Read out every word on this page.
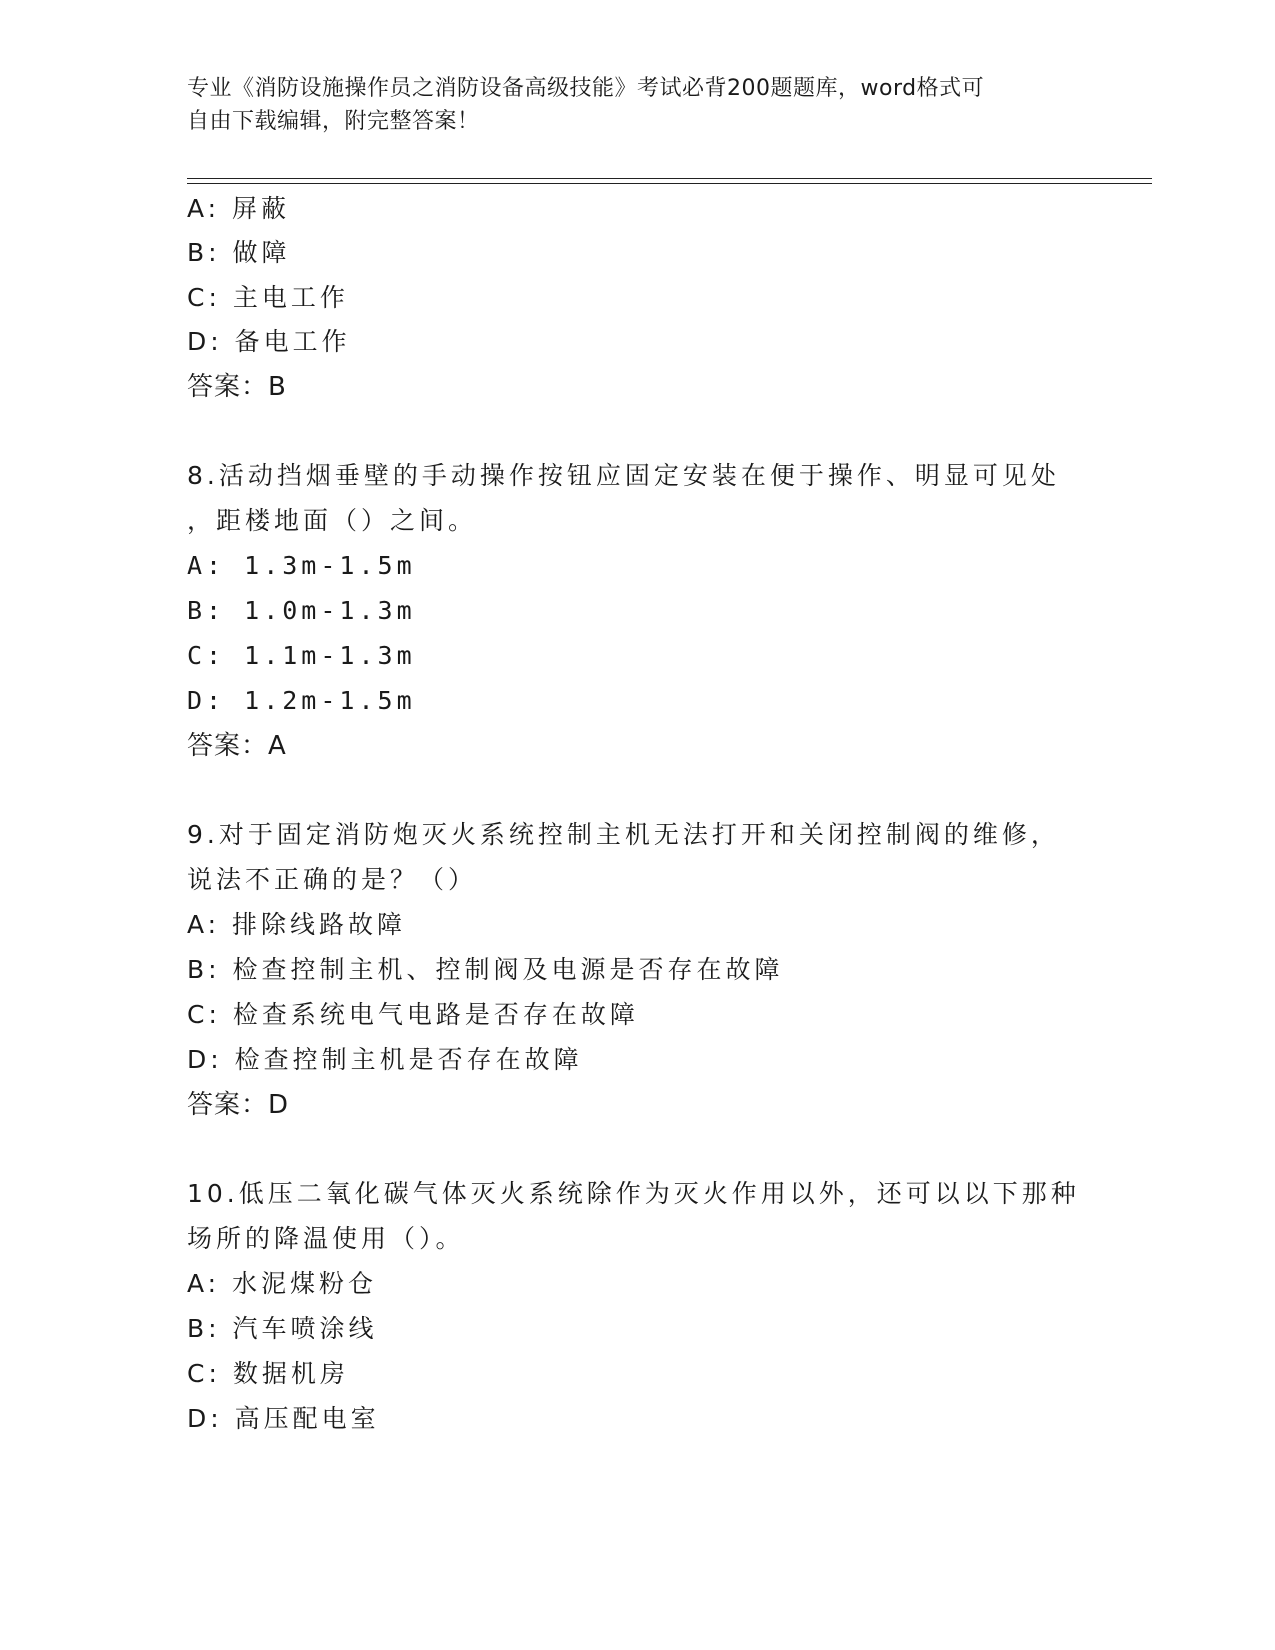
专业《消防设施操作员之消防设备高级技能》考试必背200题题库，word格式可
自由下载编辑，附完整答案！
A: 屏蔽
B: 做障
C: 主电工作
D: 备电工作
答案：B
8.活动挡烟垂壁的手动操作按钮应固定安装在便于操作、明显可见处
，距楼地面（）之间。
A: 1.3m-1.5m
B: 1.0m-1.3m
C: 1.1m-1.3m
D: 1.2m-1.5m
答案：A
9.对于固定消防炮灭火系统控制主机无法打开和关闭控制阀的维修，
说法不正确的是？（）
A: 排除线路故障
B: 检查控制主机、控制阀及电源是否存在故障
C: 检查系统电气电路是否存在故障
D: 检查控制主机是否存在故障
答案：D
10.低压二氧化碳气体灭火系统除作为灭火作用以外，还可以以下那种
场所的降温使用（）。
A: 水泥煤粉仓
B: 汽车喷涂线
C: 数据机房
D: 高压配电室
